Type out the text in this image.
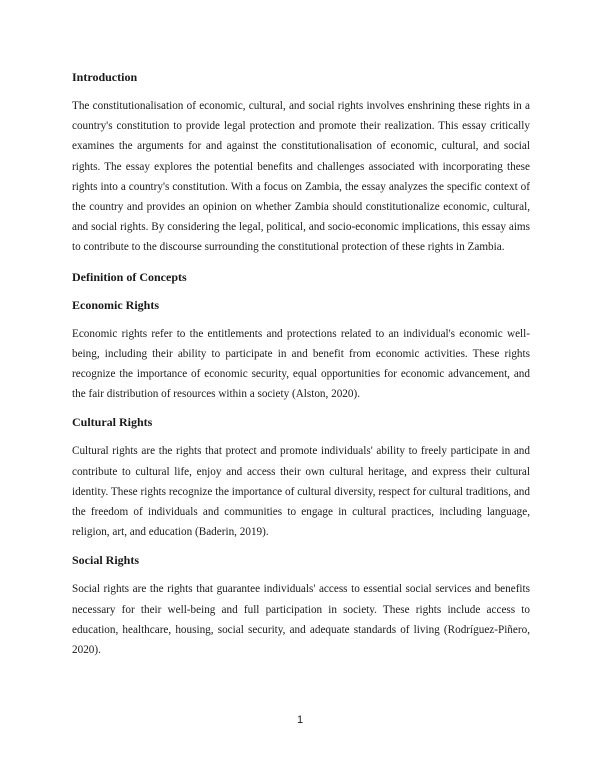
Introduction

The constitutionalisation of economic, cultural, and social rights involves enshrining these rights in a country's constitution to provide legal protection and promote their realization. This essay critically examines the arguments for and against the constitutionalisation of economic, cultural, and social rights. The essay explores the potential benefits and challenges associated with incorporating these rights into a country's constitution. With a focus on Zambia, the essay analyzes the specific context of the country and provides an opinion on whether Zambia should constitutionalize economic, cultural, and social rights. By considering the legal, political, and socio-economic implications, this essay aims to contribute to the discourse surrounding the constitutional protection of these rights in Zambia.

Definition of Concepts
Economic Rights

Economic rights refer to the entitlements and protections related to an individual's economic well-being, including their ability to participate in and benefit from economic activities. These rights recognize the importance of economic security, equal opportunities for economic advancement, and the fair distribution of resources within a society (Alston, 2020).

Cultural Rights

Cultural rights are the rights that protect and promote individuals' ability to freely participate in and contribute to cultural life, enjoy and access their own cultural heritage, and express their cultural identity. These rights recognize the importance of cultural diversity, respect for cultural traditions, and the freedom of individuals and communities to engage in cultural practices, including language, religion, art, and education (Baderin, 2019).

Social Rights

Social rights are the rights that guarantee individuals' access to essential social services and benefits necessary for their well-being and full participation in society. These rights include access to education, healthcare, housing, social security, and adequate standards of living (Rodríguez-Piñero, 2020).

1
